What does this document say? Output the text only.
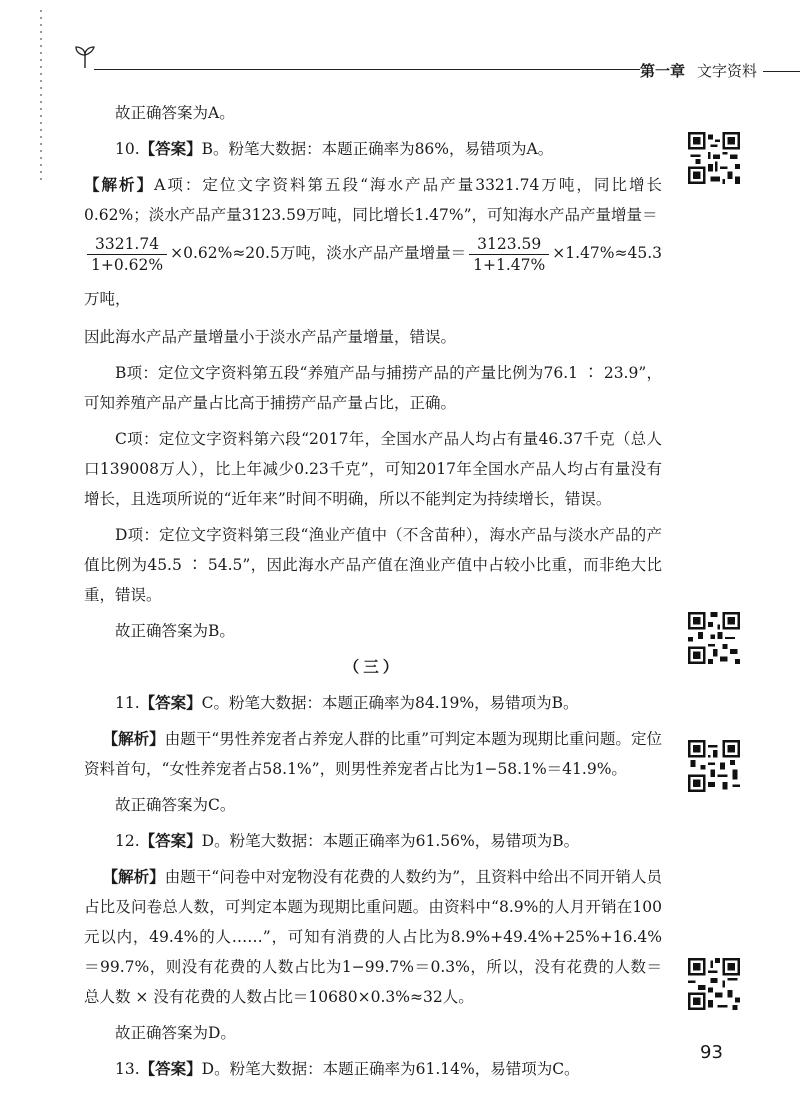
第一章 文字资料

故正确答案为A。

10.【答案】B。粉笔大数据：本题正确率为86%，易错项为A。

【解析】A项：定位文字资料第五段“海水产品产量3321.74万吨，同比增长0.62%；淡水产品产量3123.59万吨，同比增长1.47%”，可知海水产品产量增量＝

$\frac{3321.74}{1+0.62\%} \times 0.62\%\approx 20.5$万吨，淡水产品产量增量＝ $\frac{3123.59}{1+1.47\%} \times 1.47\%\approx 45.3$万吨，

因此海水产品产量增量小于淡水产品产量增量，错误。

B项：定位文字资料第五段“养殖产品与捕捞产品的产量比例为76.1 ∶ 23.9”，可知养殖产品产量占比高于捕捞产品产量占比，正确。

C项：定位文字资料第六段“2017年，全国水产品人均占有量46.37千克（总人口139008万人），比上年减少0.23千克”，可知2017年全国水产品人均占有量没有增长，且选项所说的“近年来”时间不明确，所以不能判定为持续增长，错误。

D项：定位文字资料第三段“渔业产值中（不含苗种），海水产品与淡水产品的产值比例为45.5 ∶ 54.5”，因此海水产品产值在渔业产值中占较小比重，而非绝大比重，错误。

故正确答案为B。

（三）

11.【答案】C。粉笔大数据：本题正确率为84.19%，易错项为B。

【解析】由题干“男性养宠者占养宠人群的比重”可判定本题为现期比重问题。定位资料首句，“女性养宠者占58.1%”，则男性养宠者占比为1−58.1%＝41.9%。

故正确答案为C。

12.【答案】D。粉笔大数据：本题正确率为61.56%，易错项为B。

【解析】由题干“问卷中对宠物没有花费的人数约为”，且资料中给出不同开销人员占比及问卷总人数，可判定本题为现期比重问题。由资料中“8.9%的人月开销在100元以内，49.4%的人……”，可知有消费的人占比为8.9%+49.4%+25%+16.4%＝99.7%，则没有花费的人数占比为1−99.7%＝0.3%，所以，没有花费的人数＝总人数 × 没有花费的人数占比＝10680×0.3%≈32人。

故正确答案为D。

13.【答案】D。粉笔大数据：本题正确率为61.14%，易错项为C。

93
